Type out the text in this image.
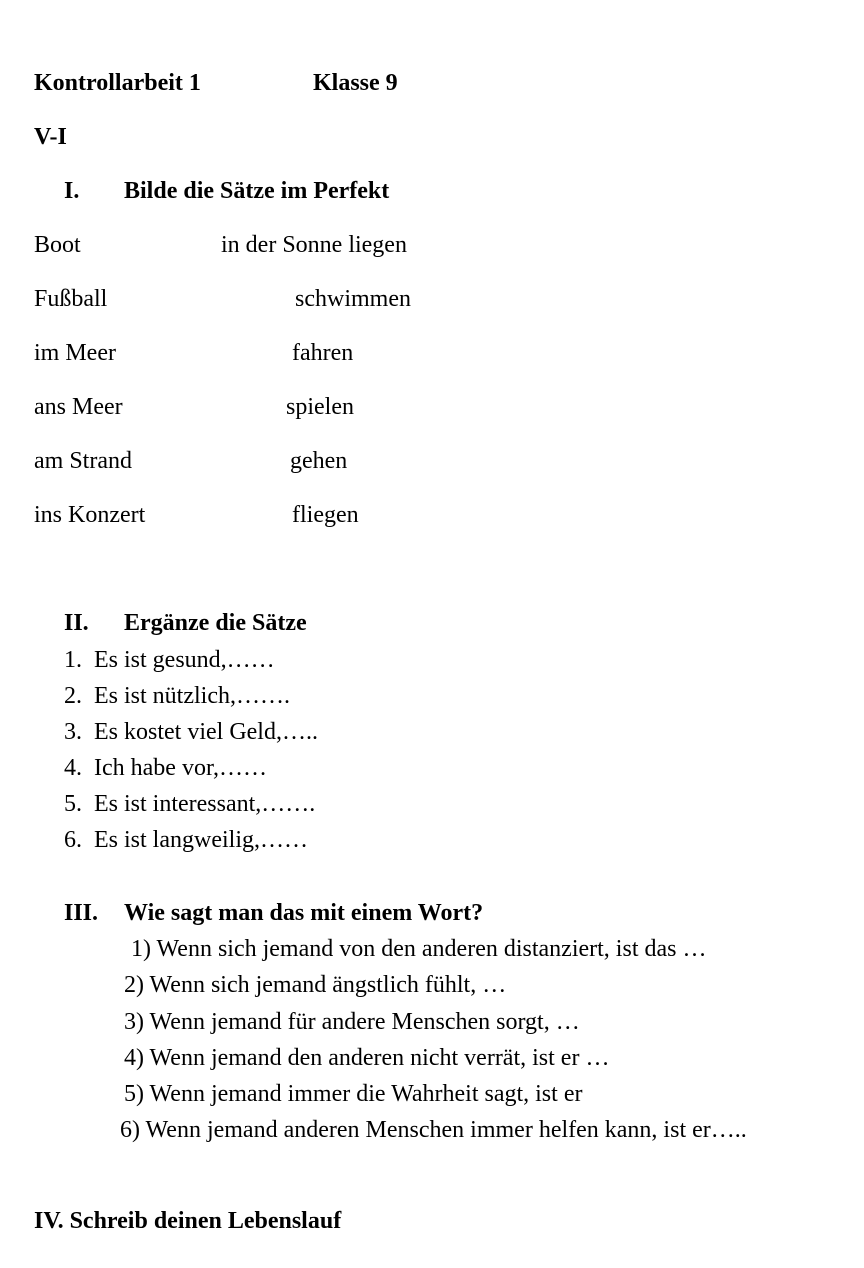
Kontrollarbeit 1	Klasse 9
V-I
I. Bilde die Sätze im Perfekt
Boot	in der Sonne liegen
Fußball	schwimmen
im Meer	fahren
ans Meer	spielen
am Strand	gehen
ins Konzert	fliegen
II. Ergänze die Sätze
1. Es ist gesund,……
2. Es ist nützlich,…….
3. Es kostet viel Geld,…..
4. Ich habe vor,……
5. Es ist interessant,…….
6. Es ist langweilig,……
III. Wie sagt man das mit einem Wort?
1) Wenn sich jemand von den anderen distanziert, ist das …
2) Wenn sich jemand ängstlich fühlt, …
3) Wenn jemand für andere Menschen sorgt, …
4) Wenn jemand den anderen nicht verrät, ist er …
5) Wenn jemand immer die Wahrheit sagt, ist er
6) Wenn jemand anderen Menschen immer helfen kann, ist er…..
IV. Schreib deinen Lebenslauf
